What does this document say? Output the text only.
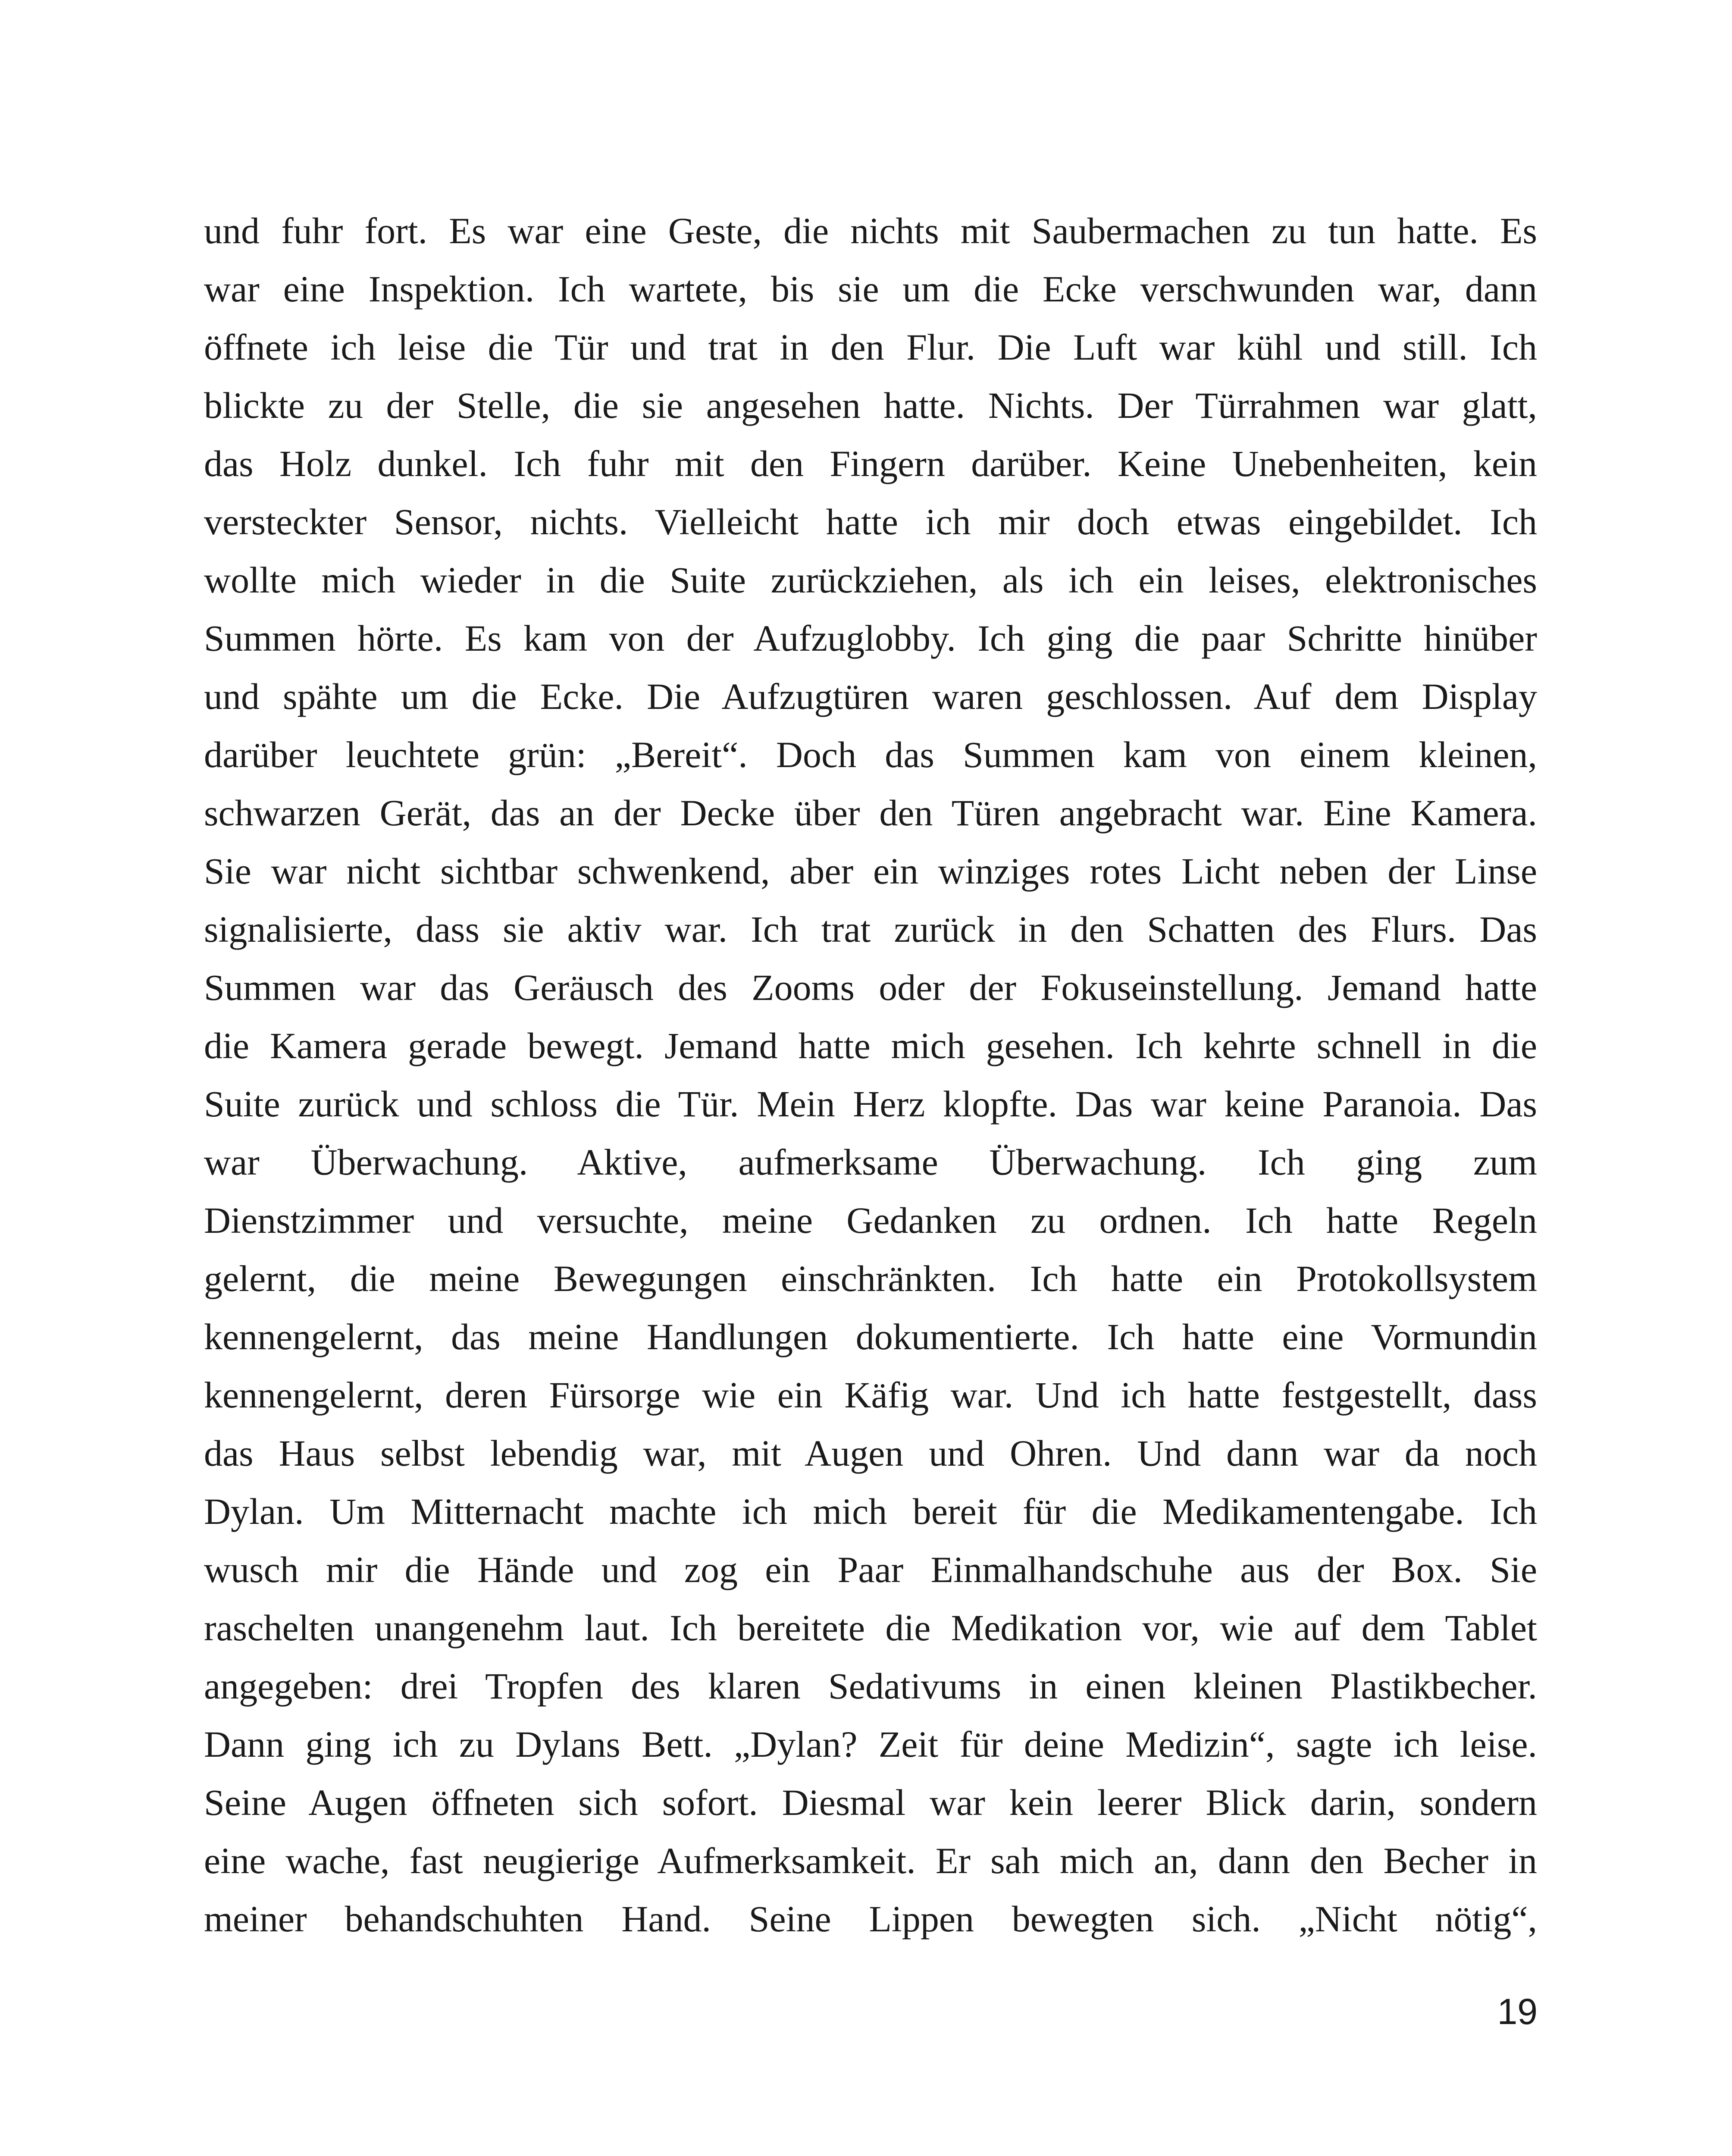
und fuhr fort. Es war eine Geste, die nichts mit Saubermachen zu tun hatte. Es
war eine Inspektion. Ich wartete, bis sie um die Ecke verschwunden war, dann
öffnete ich leise die Tür und trat in den Flur. Die Luft war kühl und still. Ich
blickte zu der Stelle, die sie angesehen hatte. Nichts. Der Türrahmen war glatt,
das Holz dunkel. Ich fuhr mit den Fingern darüber. Keine Unebenheiten, kein
versteckter Sensor, nichts. Vielleicht hatte ich mir doch etwas eingebildet. Ich
wollte mich wieder in die Suite zurückziehen, als ich ein leises, elektronisches
Summen hörte. Es kam von der Aufzuglobby. Ich ging die paar Schritte hinüber
und spähte um die Ecke. Die Aufzugtüren waren geschlossen. Auf dem Display
darüber leuchtete grün: „Bereit“. Doch das Summen kam von einem kleinen,
schwarzen Gerät, das an der Decke über den Türen angebracht war. Eine Kamera.
Sie war nicht sichtbar schwenkend, aber ein winziges rotes Licht neben der Linse
signalisierte, dass sie aktiv war. Ich trat zurück in den Schatten des Flurs. Das
Summen war das Geräusch des Zooms oder der Fokuseinstellung. Jemand hatte
die Kamera gerade bewegt. Jemand hatte mich gesehen. Ich kehrte schnell in die
Suite zurück und schloss die Tür. Mein Herz klopfte. Das war keine Paranoia. Das
war Überwachung. Aktive, aufmerksame Überwachung. Ich ging zum
Dienstzimmer und versuchte, meine Gedanken zu ordnen. Ich hatte Regeln
gelernt, die meine Bewegungen einschränkten. Ich hatte ein Protokollsystem
kennengelernt, das meine Handlungen dokumentierte. Ich hatte eine Vormundin
kennengelernt, deren Fürsorge wie ein Käfig war. Und ich hatte festgestellt, dass
das Haus selbst lebendig war, mit Augen und Ohren. Und dann war da noch
Dylan. Um Mitternacht machte ich mich bereit für die Medikamentengabe. Ich
wusch mir die Hände und zog ein Paar Einmalhandschuhe aus der Box. Sie
raschelten unangenehm laut. Ich bereitete die Medikation vor, wie auf dem Tablet
angegeben: drei Tropfen des klaren Sedativums in einen kleinen Plastikbecher.
Dann ging ich zu Dylans Bett. „Dylan? Zeit für deine Medizin“, sagte ich leise.
Seine Augen öffneten sich sofort. Diesmal war kein leerer Blick darin, sondern
eine wache, fast neugierige Aufmerksamkeit. Er sah mich an, dann den Becher in
meiner behandschuhten Hand. Seine Lippen bewegten sich. „Nicht nötig“,
19
